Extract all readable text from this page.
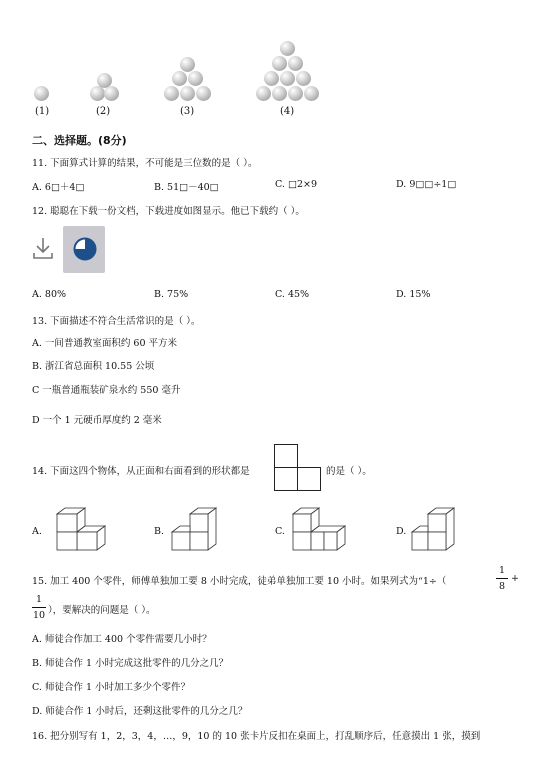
(1)	(2)	(3)	(4)
二、选择题。(8分)
11. 下面算式计算的结果，不可能是三位数的是（ ）。
A. 6□＋4□	B. 51□－40□	C. □2×9	D. 9□□÷1□
12. 聪聪在下载一份文档，下载进度如图显示。他已下载约（ ）。
A. 80%	B. 75%	C. 45%	D. 15%
13. 下面描述不符合生活常识的是（ ）。
A. 一间普通教室面积约 60 平方米
B. 浙江省总面积 10.55 公顷
C 一瓶普通瓶装矿泉水约 550 毫升
D 一个 1 元硬币厚度约 2 毫米
14. 下面这四个物体，从正面和右面看到的形状都是	的是（ ）。
A.	B.	C.	D.
15. 加工 400 个零件，师傅单独加工要 8 小时完成，徒弟单独加工要 10 小时。如果列式为“1÷（
1
8
+
1
10 ），要解决的问题是（ ）。
A. 师徒合作加工 400 个零件需要几小时？
B. 师徒合作 1 小时完成这批零件的几分之几？
C. 师徒合作 1 小时加工多少个零件？
D. 师徒合作 1 小时后，还剩这批零件的几分之几？
16. 把分别写有 1，2，3，4，…，9，10 的 10 张卡片反扣在桌面上，打乱顺序后，任意摸出 1 张，摸到
